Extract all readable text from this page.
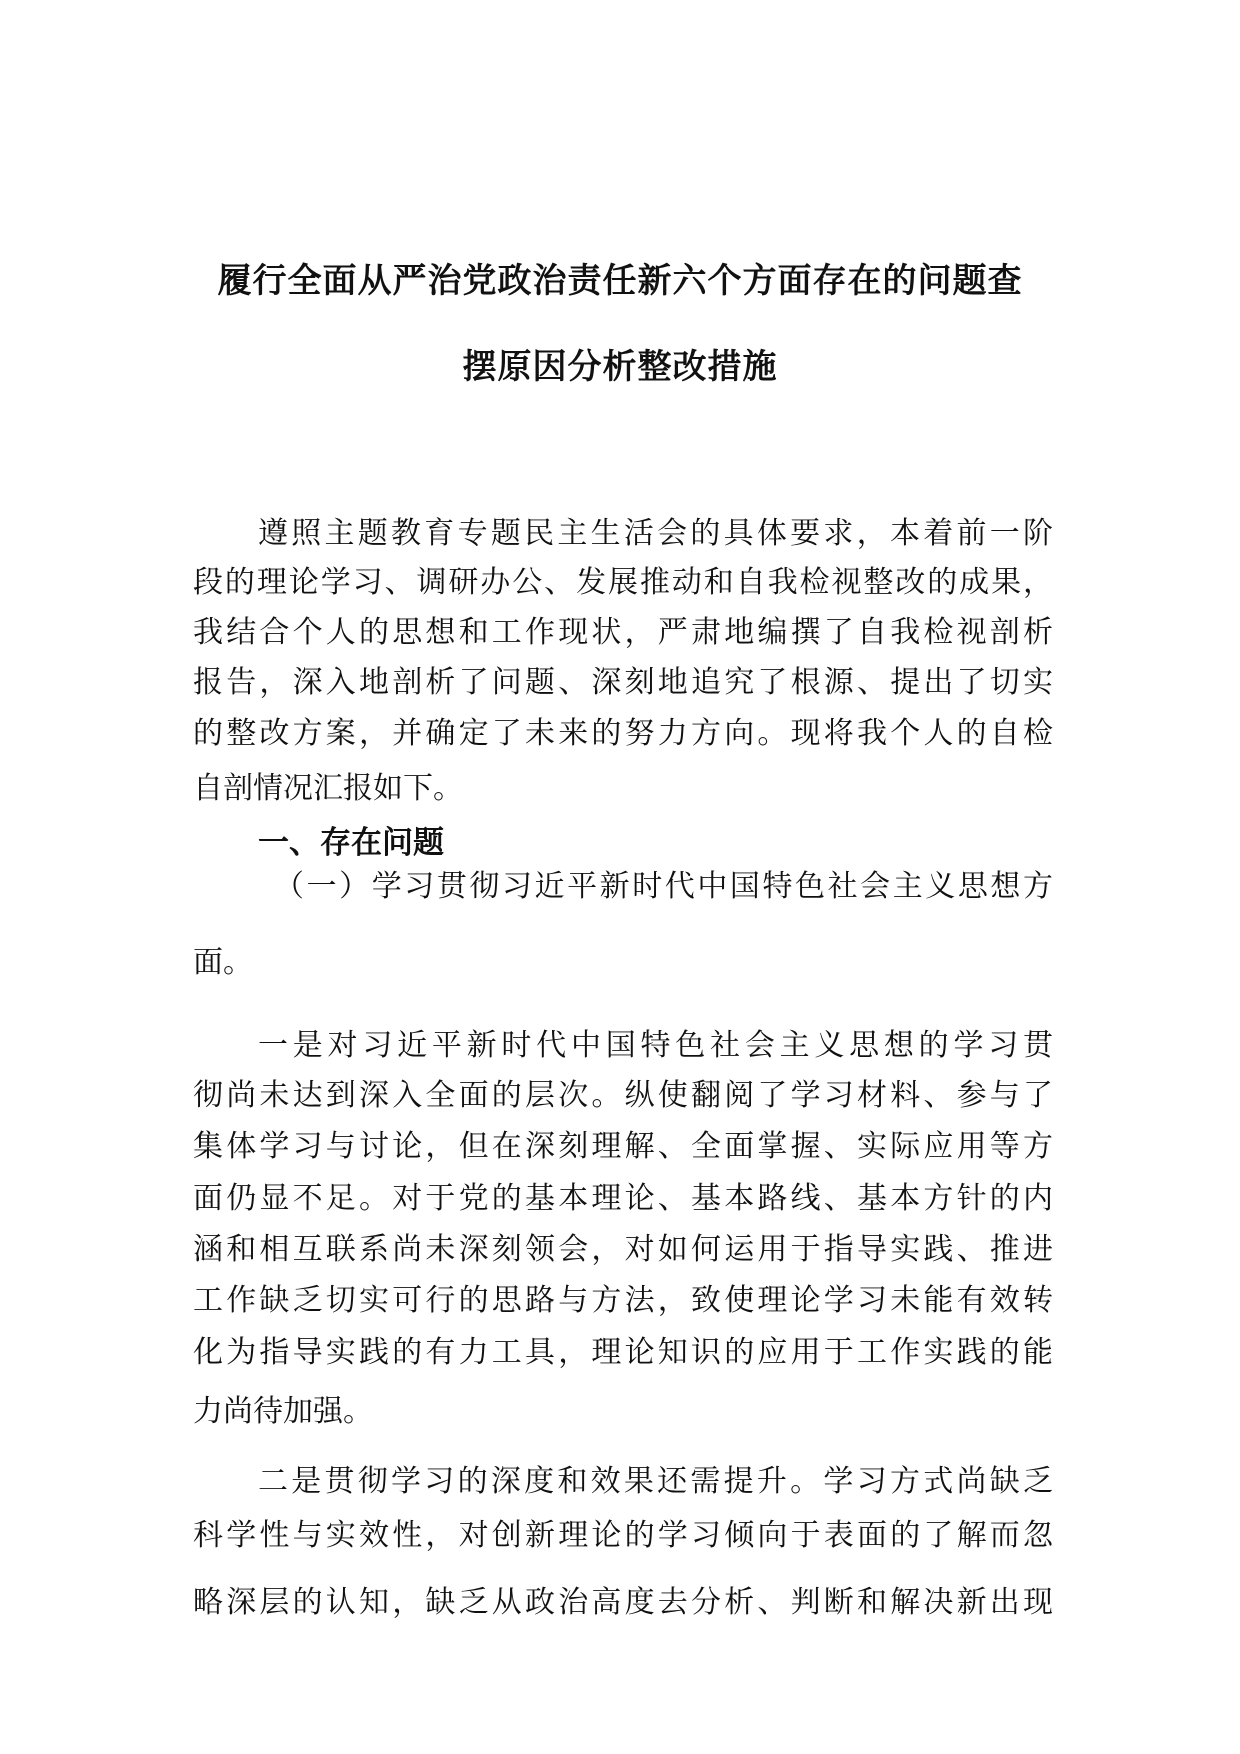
履行全面从严治党政治责任新六个方面存在的问题查
摆原因分析整改措施
遵照主题教育专题民主生活会的具体要求，本着前一阶
段的理论学习、调研办公、发展推动和自我检视整改的成果，
我结合个人的思想和工作现状，严肃地编撰了自我检视剖析
报告，深入地剖析了问题、深刻地追究了根源、提出了切实
的整改方案，并确定了未来的努力方向。现将我个人的自检
自剖情况汇报如下。
一、存在问题
（一）学习贯彻习近平新时代中国特色社会主义思想方
面。
一是对习近平新时代中国特色社会主义思想的学习贯
彻尚未达到深入全面的层次。纵使翻阅了学习材料、参与了
集体学习与讨论，但在深刻理解、全面掌握、实际应用等方
面仍显不足。对于党的基本理论、基本路线、基本方针的内
涵和相互联系尚未深刻领会，对如何运用于指导实践、推进
工作缺乏切实可行的思路与方法，致使理论学习未能有效转
化为指导实践的有力工具，理论知识的应用于工作实践的能
力尚待加强。
二是贯彻学习的深度和效果还需提升。学习方式尚缺乏
科学性与实效性，对创新理论的学习倾向于表面的了解而忽
略深层的认知，缺乏从政治高度去分析、判断和解决新出现
